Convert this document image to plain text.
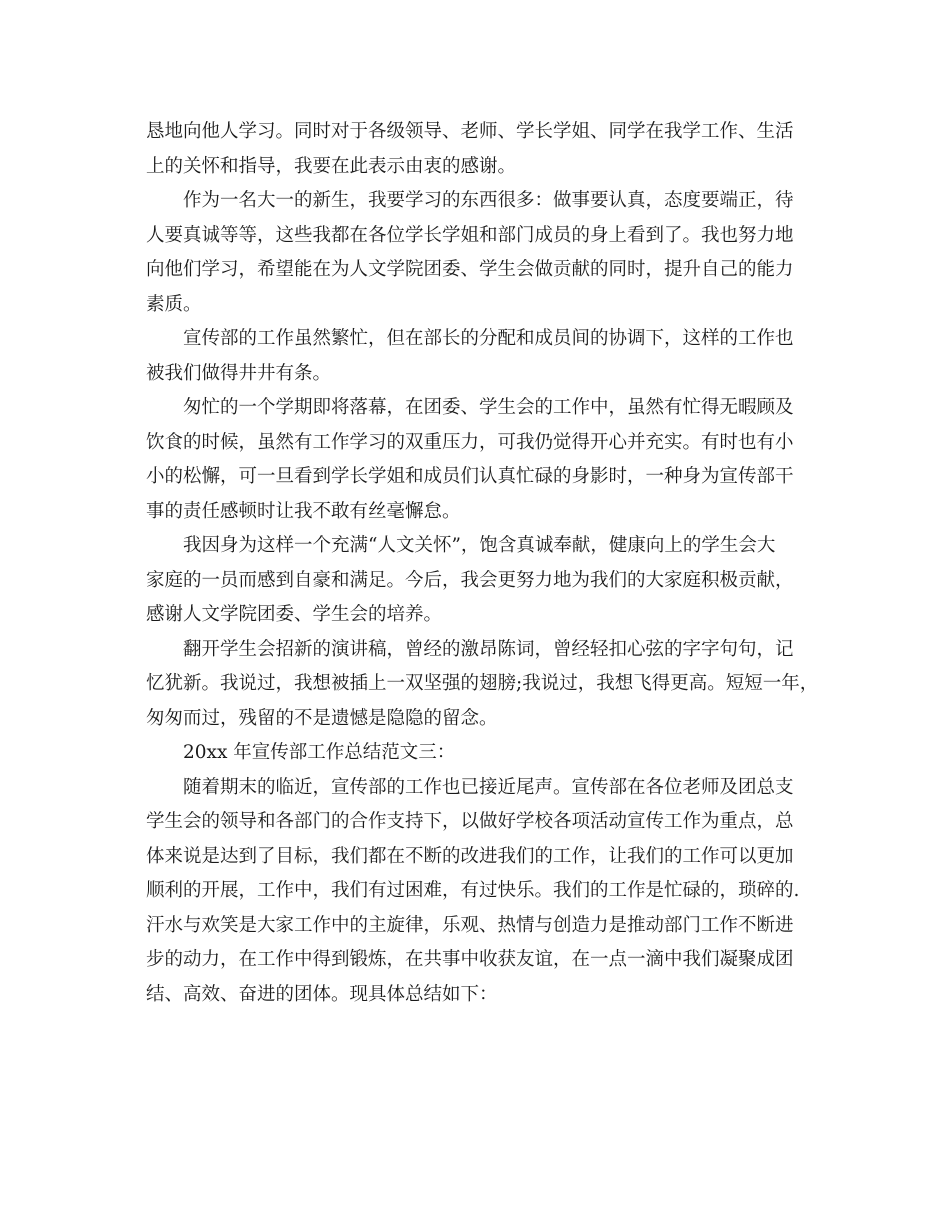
恳地向他人学习。同时对于各级领导、老师、学长学姐、同学在我学工作、生活
上的关怀和指导，我要在此表示由衷的感谢。
作为一名大一的新生，我要学习的东西很多：做事要认真，态度要端正，待
人要真诚等等，这些我都在各位学长学姐和部门成员的身上看到了。我也努力地
向他们学习，希望能在为人文学院团委、学生会做贡献的同时，提升自己的能力
素质。
宣传部的工作虽然繁忙，但在部长的分配和成员间的协调下，这样的工作也
被我们做得井井有条。
匆忙的一个学期即将落幕，在团委、学生会的工作中，虽然有忙得无暇顾及
饮食的时候，虽然有工作学习的双重压力，可我仍觉得开心并充实。有时也有小
小的松懈，可一旦看到学长学姐和成员们认真忙碌的身影时，一种身为宣传部干
事的责任感顿时让我不敢有丝毫懈怠。
我因身为这样一个充满“人文关怀”，饱含真诚奉献，健康向上的学生会大
家庭的一员而感到自豪和满足。今后，我会更努力地为我们的大家庭积极贡献，
感谢人文学院团委、学生会的培养。
翻开学生会招新的演讲稿，曾经的激昂陈词，曾经轻扣心弦的字字句句，记
忆犹新。我说过，我想被插上一双坚强的翅膀;我说过，我想飞得更高。短短一年，
匆匆而过，残留的不是遗憾是隐隐的留念。
20xx 年宣传部工作总结范文三：
随着期末的临近，宣传部的工作也已接近尾声。宣传部在各位老师及团总支
学生会的领导和各部门的合作支持下，以做好学校各项活动宣传工作为重点，总
体来说是达到了目标，我们都在不断的改进我们的工作，让我们的工作可以更加
顺利的开展，工作中，我们有过困难，有过快乐。我们的工作是忙碌的，琐碎的.
汗水与欢笑是大家工作中的主旋律，乐观、热情与创造力是推动部门工作不断进
步的动力，在工作中得到锻炼，在共事中收获友谊，在一点一滴中我们凝聚成团
结、高效、奋进的团体。现具体总结如下：
